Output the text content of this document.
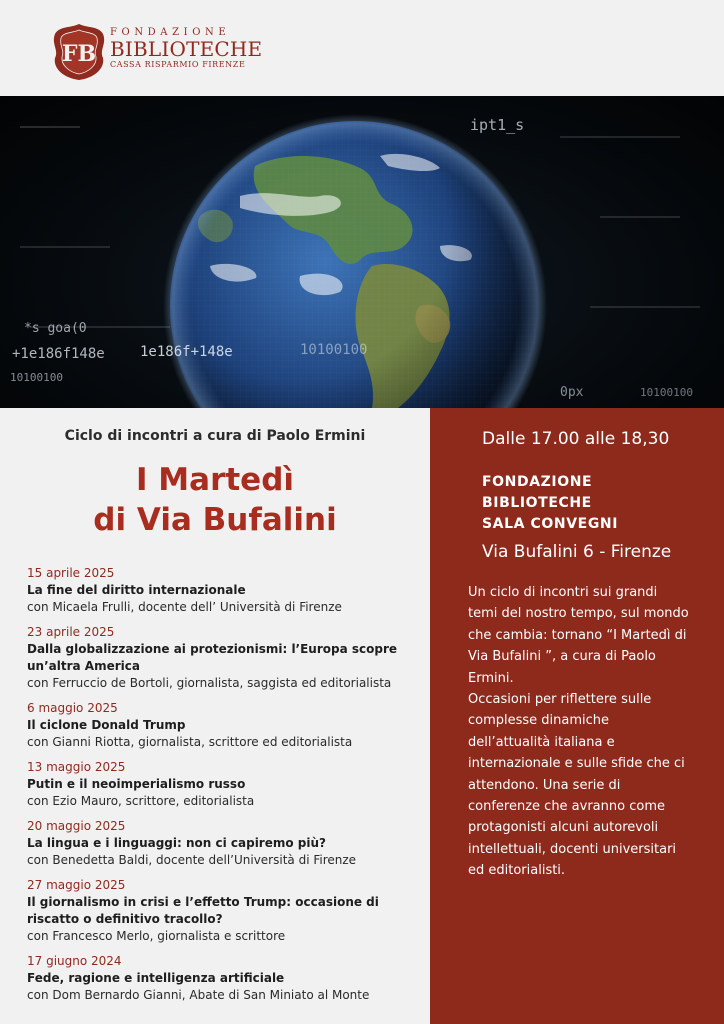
FB
FONDAZIONE
BIBLIOTECHE
CASSA RISPARMIO FIRENZE
ipt1_s
+1e186f148e
10100100
10100100
*s goa(0
0px
10100100
1e186f+148e
Ciclo di incontri a cura di Paolo Ermini
I Martedì
di Via Bufalini
15 aprile 2025
La fine del diritto internazionale
con Micaela Frulli, docente dell’ Università di Firenze
23 aprile 2025
Dalla globalizzazione ai protezionismi: l’Europa scopre
un’altra America
con Ferruccio de Bortoli, giornalista, saggista ed editorialista
6 maggio 2025
Il ciclone Donald Trump
con Gianni Riotta, giornalista, scrittore ed editorialista
13 maggio 2025
Putin e il neoimperialismo russo
con Ezio Mauro, scrittore, editorialista
20 maggio 2025
La lingua e i linguaggi: non ci capiremo più?
con Benedetta Baldi, docente dell’Università di Firenze
27 maggio 2025
Il giornalismo in crisi e l’effetto Trump: occasione di
riscatto o definitivo tracollo?
con Francesco Merlo, giornalista e scrittore
17 giugno 2024
Fede, ragione e intelligenza artificiale
con Dom Bernardo Gianni, Abate di San Miniato al Monte
Dalle 17.00 alle 18,30
FONDAZIONE
BIBLIOTECHE
SALA CONVEGNI
Via Bufalini 6 - Firenze

Un ciclo di incontri sui grandi

temi del nostro tempo, sul mondo

che cambia: tornano “I Martedì di

Via Bufalini ”, a cura di Paolo

Ermini.

Occasioni per riflettere sulle

complesse dinamiche

dell’attualità italiana e

internazionale e sulle sfide che ci

attendono. Una serie di

conferenze che avranno come

protagonisti alcuni autorevoli

intellettuali, docenti universitari

ed editorialisti.
